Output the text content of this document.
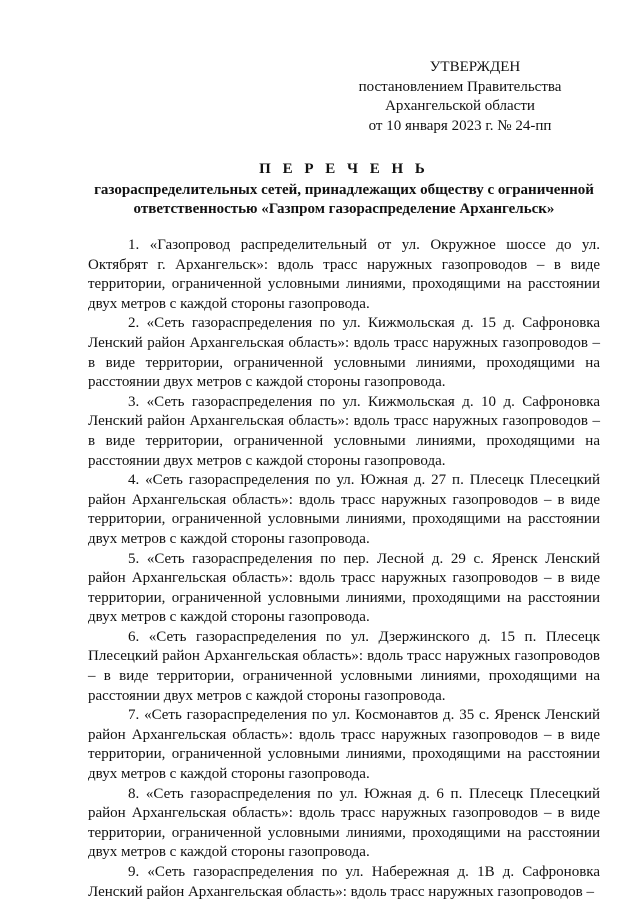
УТВЕРЖДЕН
постановлением Правительства
Архангельской области
от 10 января 2023 г. № 24-пп
П Е Р Е Ч Е Н Ь
газораспределительных сетей, принадлежащих обществу с ограниченной
ответственностью «Газпром газораспределение Архангельск»

1. «Газопровод распределительный от ул. Окружное шоссе до ул. Октябрят г. Архангельск»: вдоль трасс наружных газопроводов – в виде территории, ограниченной условными линиями, проходящими на расстоянии двух метров с каждой стороны газопровода.

2. «Сеть газораспределения по ул. Кижмольская д. 15 д. Сафроновка Ленский район Архангельская область»: вдоль трасс наружных газопроводов – в виде территории, ограниченной условными линиями, проходящими на расстоянии двух метров с каждой стороны газопровода.

3. «Сеть газораспределения по ул. Кижмольская д. 10 д. Сафроновка Ленский район Архангельская область»: вдоль трасс наружных газопроводов – в виде территории, ограниченной условными линиями, проходящими на расстоянии двух метров с каждой стороны газопровода.

4. «Сеть газораспределения по ул. Южная д. 27 п. Плесецк Плесецкий район Архангельская область»: вдоль трасс наружных газопроводов – в виде территории, ограниченной условными линиями, проходящими на расстоянии двух метров с каждой стороны газопровода.

5. «Сеть газораспределения по пер. Лесной д. 29 с. Яренск Ленский район Архангельская область»: вдоль трасс наружных газопроводов – в виде территории, ограниченной условными линиями, проходящими на расстоянии двух метров с каждой стороны газопровода.

6. «Сеть газораспределения по ул. Дзержинского д. 15 п. Плесецк Плесецкий район Архангельская область»: вдоль трасс наружных газопроводов – в виде территории, ограниченной условными линиями, проходящими на расстоянии двух метров с каждой стороны газопровода.

7. «Сеть газораспределения по ул. Космонавтов д. 35 с. Яренск Ленский район Архангельская область»: вдоль трасс наружных газопроводов – в виде территории, ограниченной условными линиями, проходящими на расстоянии двух метров с каждой стороны газопровода.

8. «Сеть газораспределения по ул. Южная д. 6 п. Плесецк Плесецкий район Архангельская область»: вдоль трасс наружных газопроводов – в виде территории, ограниченной условными линиями, проходящими на расстоянии двух метров с каждой стороны газопровода.

9. «Сеть газораспределения по ул. Набережная д. 1В д. Сафроновка Ленский район Архангельская область»: вдоль трасс наружных газопроводов –
